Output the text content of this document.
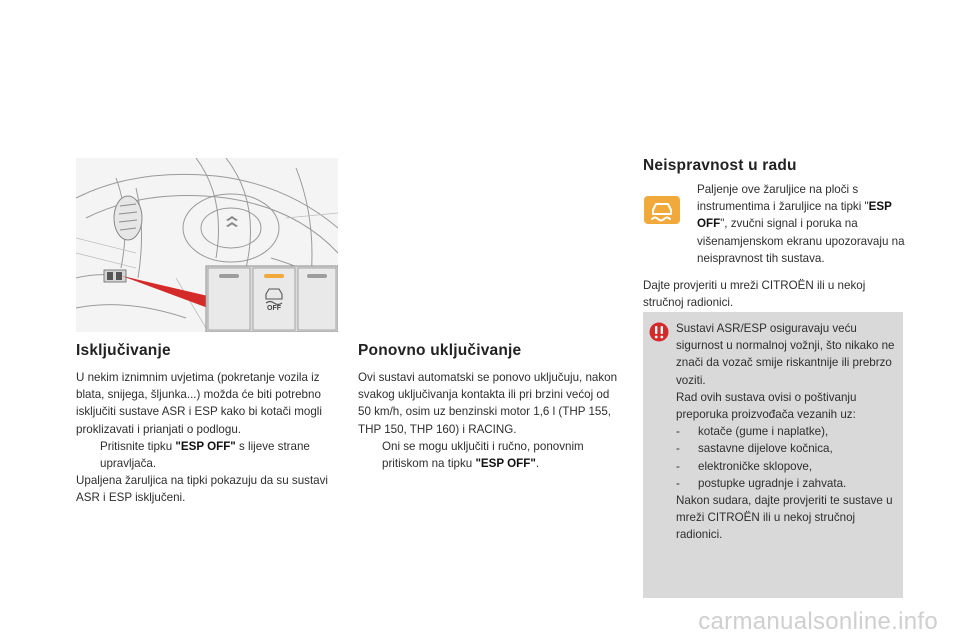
OFF
Isključivanje

U nekim iznimnim uvjetima (pokretanje vozila iz blata, snijega, šljunka...) možda će biti potrebno isključiti sustave ASR i ESP kako bi kotači mogli proklizavati i prianjati o podlogu.

Pritisnite tipku "ESP OFF" s lijeve strane upravljača.

Upaljena žaruljica na tipki pokazuju da su sustavi ASR i ESP isključeni.

Ponovno uključivanje

Ovi sustavi automatski se ponovo uključuju, nakon svakog uključivanja kontakta ili pri brzini većoj od 50 km/h, osim uz benzinski motor 1,6 l (THP 155, THP 150, THP 160) i RACING.

Oni se mogu uključiti i ručno, ponovnim pritiskom na tipku "ESP OFF".
Neispravnost u radu

Paljenje ove žaruljice na ploči s instrumentima i žaruljice na tipki "ESP OFF", zvučni signal i poruka na višenamjenskom ekranu upozoravaju na neispravnost tih sustava.

Dajte provjeriti u mreži CITROËN ili u nekoj stručnoj radionici.

Sustavi ASR/ESP osiguravaju veću sigurnost u normalnoj vožnji, što nikako ne znači da vozač smije riskantnije ili prebrzo voziti.

Rad ovih sustava ovisi o poštivanju preporuka proizvođača vezanih uz:

- kotače (gume i naplatke),
- sastavne dijelove kočnica,
- elektroničke sklopove,
- postupke ugradnje i zahvata.

Nakon sudara, dajte provjeriti te sustave u mreži CITROËN ili u nekoj stručnoj radionici.

carmanualsonline.info
